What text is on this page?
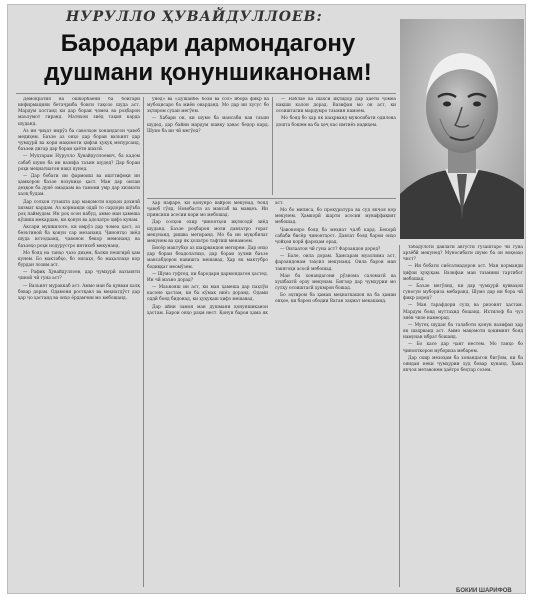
НУРУЛЛО ҲУВАЙДУЛЛОЕВ:
Бародари дармондагону
душмани қонуншиканонам!

Демократия ва ошкорбаёнӣ ба боигари инфирмацияи бетаҷриба боиси тақозо шуда аст. Мардум хостанд ки дар бораи ҷомеа ва роҳбарон маълумот гиранд. Матнхои зиёд таҳия карда шуданд.

Аз ин ҷиҳат имрӯз ба саволҳои хонандагон ҷавоб медиҳем. Баъзе аз онҳо дар бораи вазъият дар ҷумҳурӣ ва кори мақомоти ҳифзи ҳуқуқ мепурсанд, баъзеи дигар дар бораи ҳаёти шахсӣ.

— Муҳтарам Нурулло Ҳувайдуллоевич, ба кадом сабаб шумо ба ин вазифа таъин шудед? Дар бораи роҳи меҳнатиатон нақл кунед.

— Дар бобати ин фармоиш ва ишттифоқи ин ҳамкорон баъзе нозукиҳо ҳаст. Ман дар оилаи деҳқон ба дунё омадаам ва тамоми умр дар хизмати халқ будам.

Дар солҳои гузашта дар мақомоти корҳои дохилӣ хизмат кардам. Аз корманди оддӣ то сардори шӯъба роҳ паймудам. Ин роҳ осон набуд, аммо ман ҳамеша кӯшиш мекардам, ки қонун ва адолатро ҳифз кунам.

Аксари мушкилоте, ки имрӯз дар ҷомеа ҳаст, аз беэътиноӣ ба қонун сар мезананд. Ҷиноятҳо зиёд шуда истодаанд, ҷавонон бекор мемонанд ва баъзеҳо роҳи нодурустро интихоб мекунанд.

Мо бояд на танҳо ҷазо диҳем, балки пешгирӣ ҳам кунем. Бо мактабҳо, бо оилаҳо, бо маҳаллаҳо кор бурдан лозим аст.

— Рафиқ Ҳувайдуллоев, дар ҷумҳурӣ вазъияти ҷиноӣ чӣ гуна аст?

— Вазъият мураккаб аст. Аммо ман ба қувваи халқ бовар дорам. Одамони ростқавл ва меҳнатдӯст дар ҳар ҷо ҳастанд ва онҳо ёрдамчии мо мебошанд.

унед» ва «Душанбе: бозӣ ва сол» ибора фикр ва мубоҳисаро ба миён оварданд. Мо дар ин хусус бо эҳтиром сухан мегӯем.

— Хабари он, ки шумо ба мансаби нав таъин шудед, дар байни мардум шавқу ҳавас бедор кард. Шумо ба ин чӣ мегӯед?

— Наблае ва шахси иқтидор дар ҳаёти ҷомеа нақши калон дорад. Вазифаи мо он аст, ки осоиштагии мардумро таъмин намоем.

Мо бояд бо ҳар як шаҳрванд муносибати одилона дошта бошем ва ба ҳеҷ кас имтиёз надиҳем.

Ҳар нафаре, ки қонунро вайрон мекунад, бояд ҷавоб гӯяд. Новобаста аз мансаб ва мавқеъ. Ин принсипи асосии кори мо мебошад.

Дар солҳои охир ҷиноятҳои иқтисодӣ зиёд шуданд. Баъзе роҳбарон моли давлатро ғорат мекунанд, ришва мегиранд. Мо ба ин муқобилат мекунем ва ҳар як ҳолатро тафтиш менамоем.

Бисёр мактубҳо аз шаҳрвандон мегирем. Дар онҳо дар бораи беадолатиҳо, дар бораи зулми баъзе мансабдорон навишта мешавад. Ҳар як мактубро бодиққат меомӯзем.

— Шумо гуфтед, ки бародари дармондагон ҳастед. Ин чӣ маъно дорад?

— Маънояш ин аст, ки ман ҳамеша дар паҳлӯи касоне ҳастам, ки ба кӯмак ниёз доранд. Одами оддӣ бояд бидонад, ки ҳуқуқаш ҳифз мешавад.

Дар айни замон ман душмани қонуншиканон ҳастам. Барои онҳо раҳм нест. Қонун барои ҳама як аст.

Мо бо милиса, бо прокуратура ва суд якҷоя кор мекунем. Ҳамкорӣ шарти асосии муваффақият мебошад.

Ҷавононро бояд ба меҳнат ҷалб кард. Бекорӣ сабаби бисёр ҷиноятҳост. Давлат бояд барои онҳо ҷойҳои корӣ фароҳам орад.

— Оилаатон чӣ гуна аст? Фарзандон доред?

— Бале, оила дорам. Ҳамсарам муаллима аст, фарзандонам таҳсил мекунанд. Оила барои ман такягоҳи асосӣ мебошад.

Ман ба хонандагони рӯзнома саломатӣ ва хушбахтӣ орзу мекунам. Бигзор дар ҷумҳурии мо сулҳу осоиштагӣ ҳукмрон бошад.

Бо эҳтиром ба ҳамаи меҳнаткашон ва ба ҳамаи онҳое, ки барои ободии Ватан заҳмат мекашанд.

табадулоти давлатӣ августи гузаштаро чӣ гуна арзёбӣ мекунед? Муносибати шумо ба он воқеаҳо чист?

— Ин бобати сиёсатмадорон аст. Ман корманди ҳифзи ҳуқуқам. Вазифаи ман таъмини тартибот мебошад.

— Баъзе мегӯянд, ки дар ҷумҳурӣ қувваҳои гуногун мубориза мебаранд. Шумо дар ин бора чӣ фикр доред?

— Ман тарафдори сулҳ ва ризоият ҳастам. Мардум бояд муттаҳид бошанд. Ихтилоф ба ҷуз зиён чизе намеорад.

— Мутеҳ шудан ба талаботи қонун вазифаи ҳар як шаҳрванд аст. Аммо мақомоти ҳокимият бояд намунаи ибрат бошанд.

— Бо касе дар ҷанг нестем. Мо танҳо бо ҷинояткорон мубориза мебарем.

Дар охир мехоҳам ба хонандагон бигӯям, ки ба ояндаи неки ҷумҳурии худ бовар кунанд. Ҳама якҷоя метавонем ҳаётро беҳтар созем.

БОКИИ ШАРИФОВ
